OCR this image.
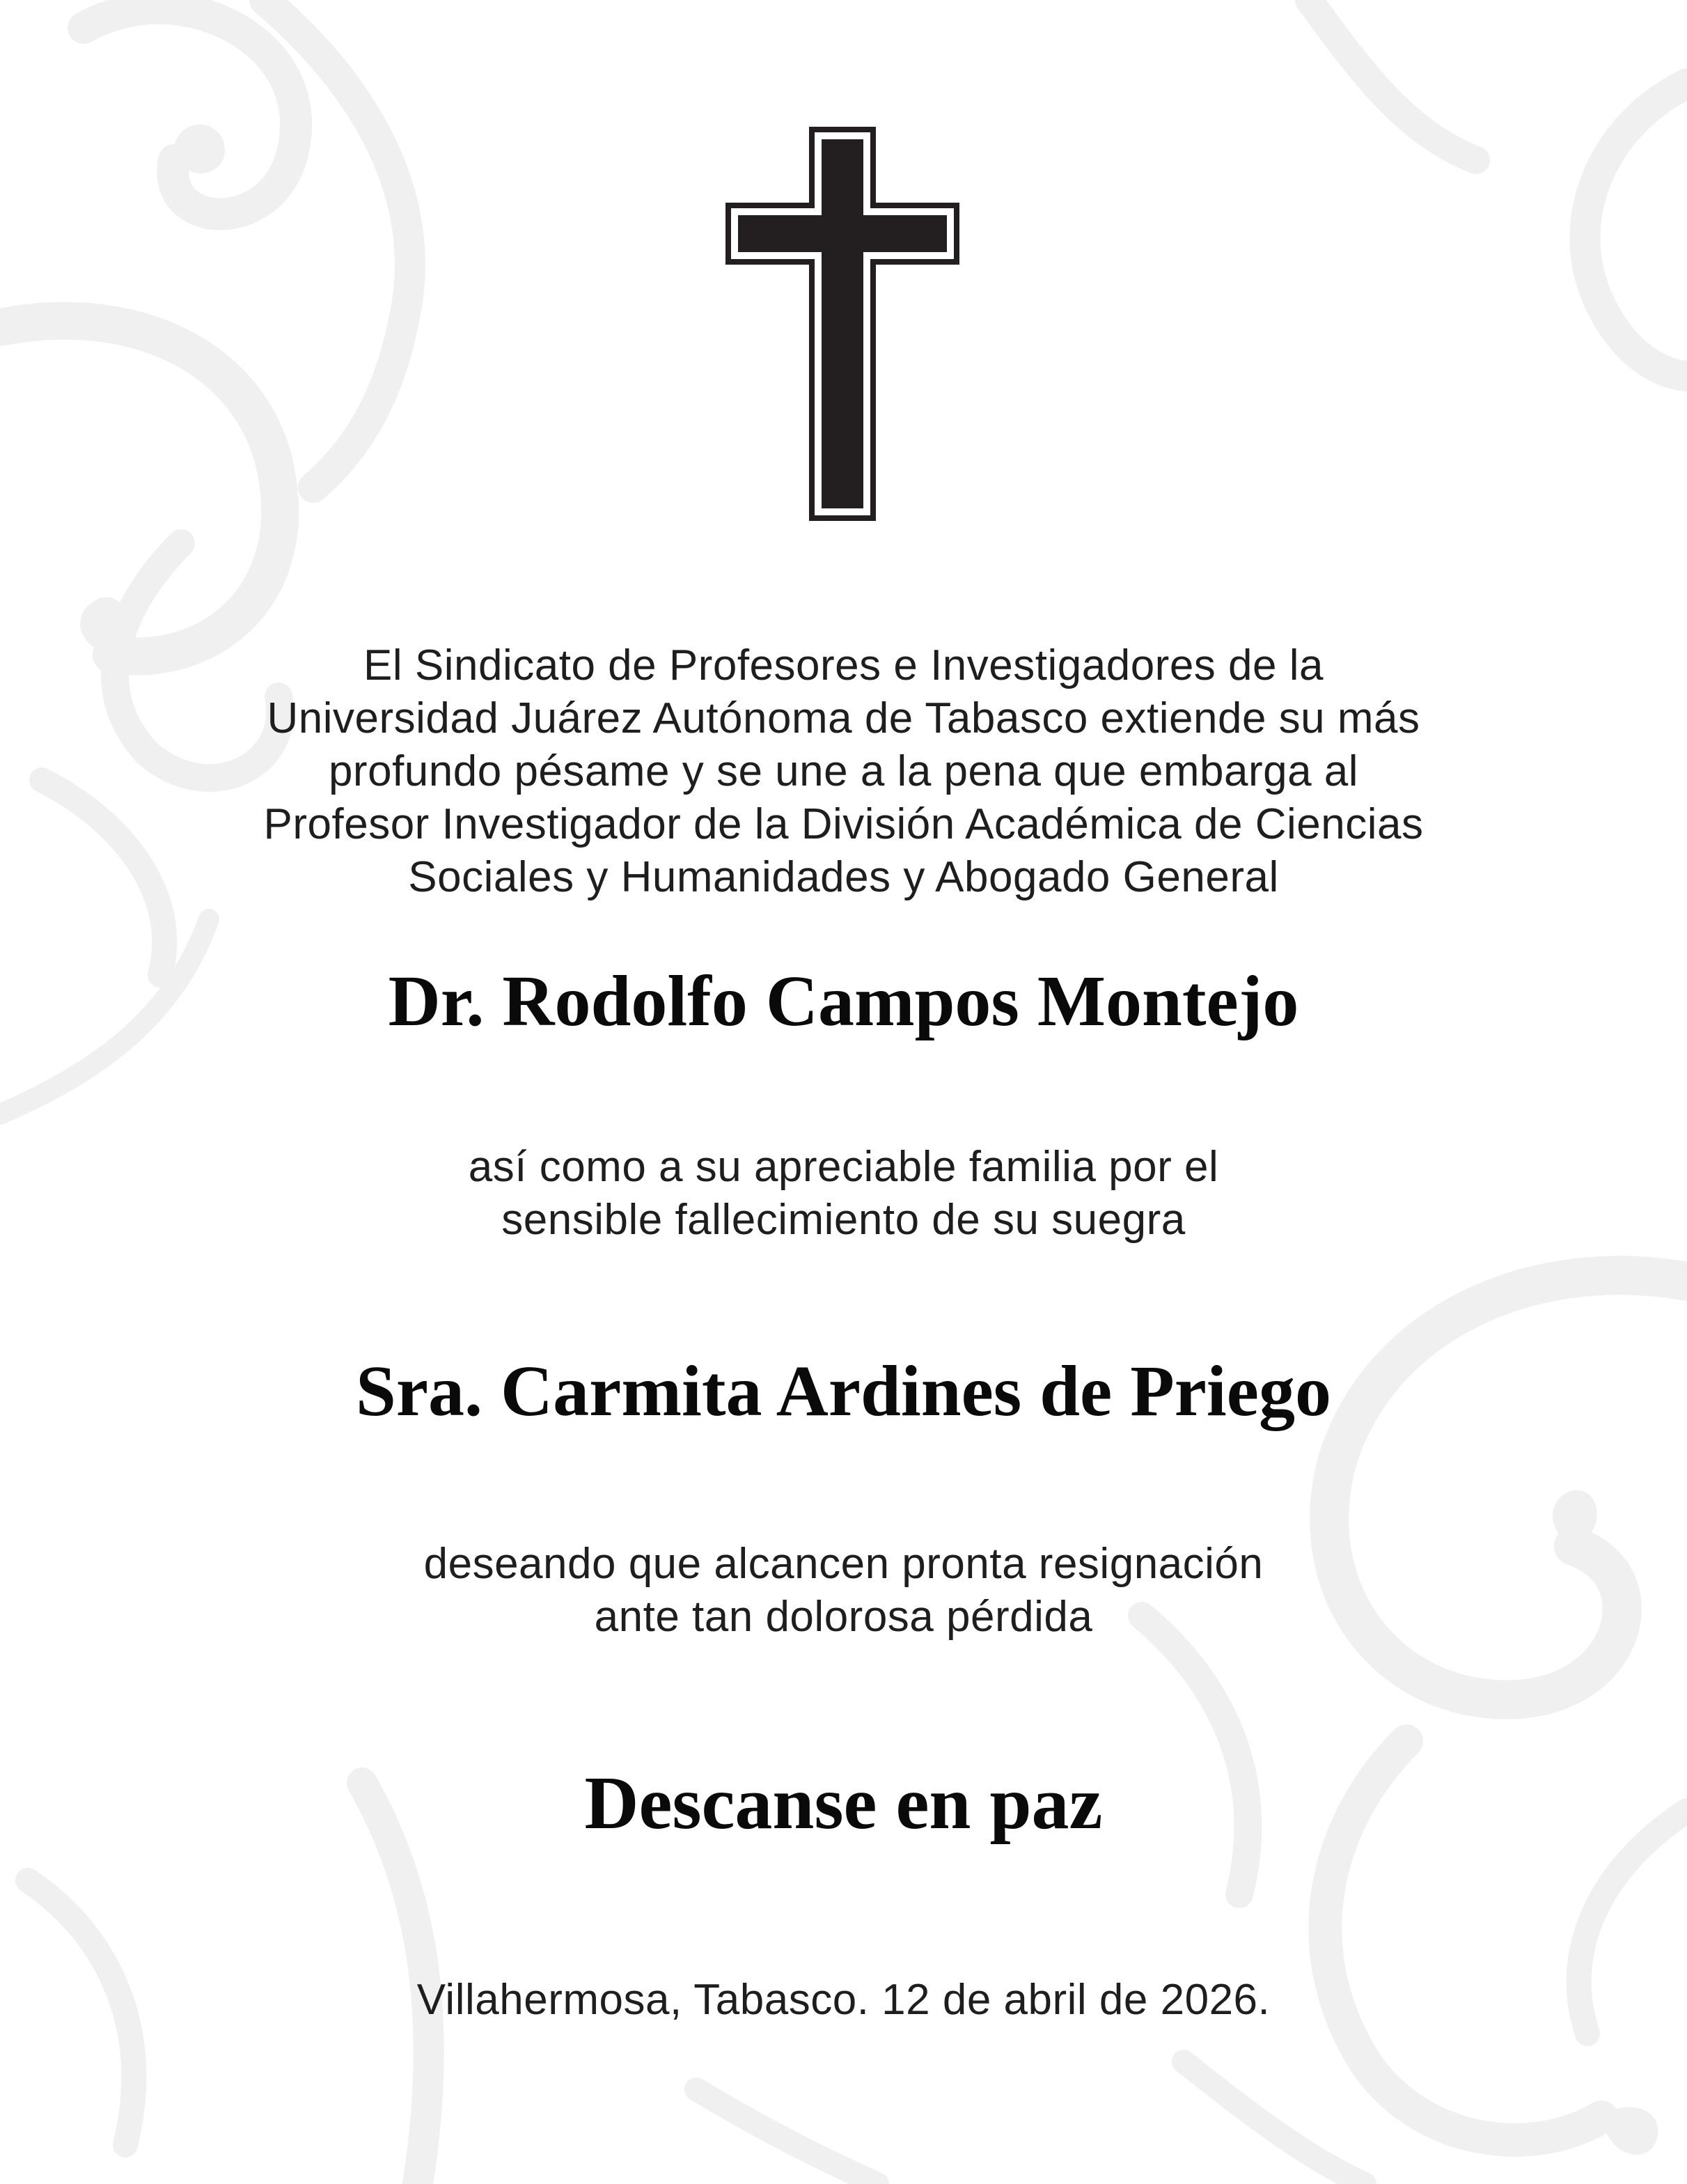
El Sindicato de Profesores e Investigadores de la
Universidad Juárez Autónoma de Tabasco extiende su más
profundo pésame y se une a la pena que embarga al
Profesor Investigador de la División Académica de Ciencias
Sociales y Humanidades y Abogado General
Dr. Rodolfo Campos Montejo
así como a su apreciable familia por el
sensible fallecimiento de su suegra
Sra. Carmita Ardines de Priego
deseando que alcancen pronta resignación
ante tan dolorosa pérdida
Descanse en paz
Villahermosa, Tabasco. 12 de abril de 2026.
